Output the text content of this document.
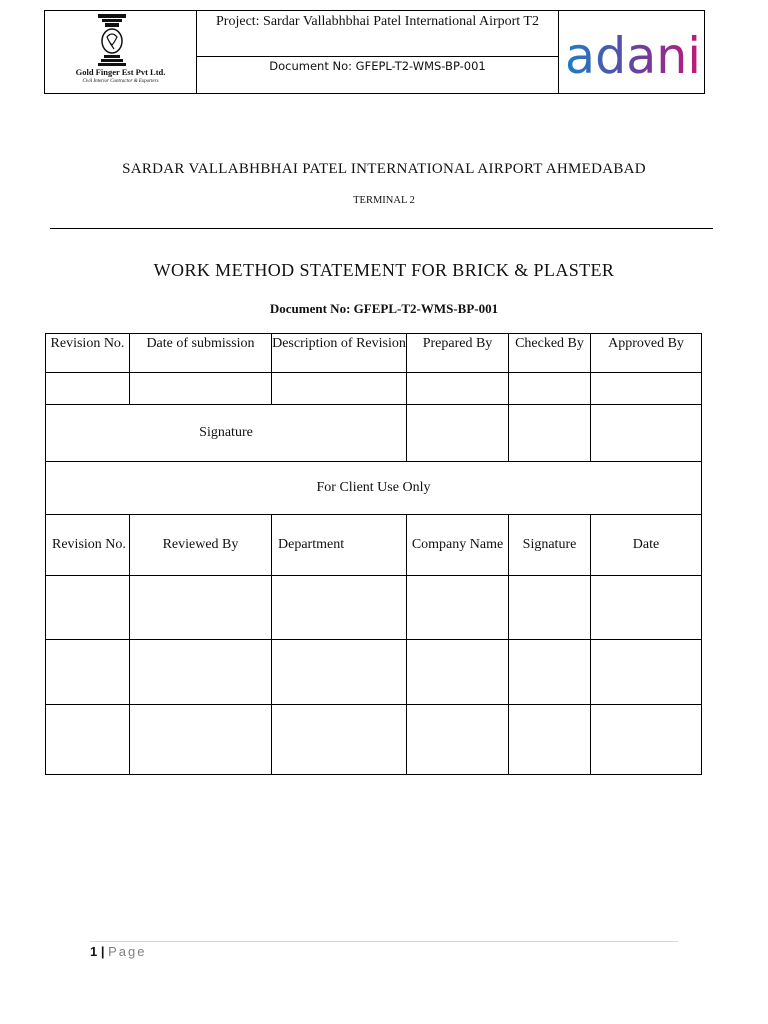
Gold Finger Est Pvt Ltd.
Civil Interior Contractor & Exporters
Project: Sardar Vallabhbhai Patel International Airport T2
Document No: GFEPL-T2-WMS-BP-001	adani
SARDAR VALLABHBHAI PATEL INTERNATIONAL AIRPORT AHMEDABAD
TERMINAL 2
WORK METHOD STATEMENT FOR BRICK & PLASTER
Document No: GFEPL-T2-WMS-BP-001
Revision No.	Date of submission	Description of Revision	Prepared By	Checked By	Approved By

Signature					
For Client Use Only					
Revision No.	Reviewed By	Department	Company Name	Signature	Date

1 | Page
